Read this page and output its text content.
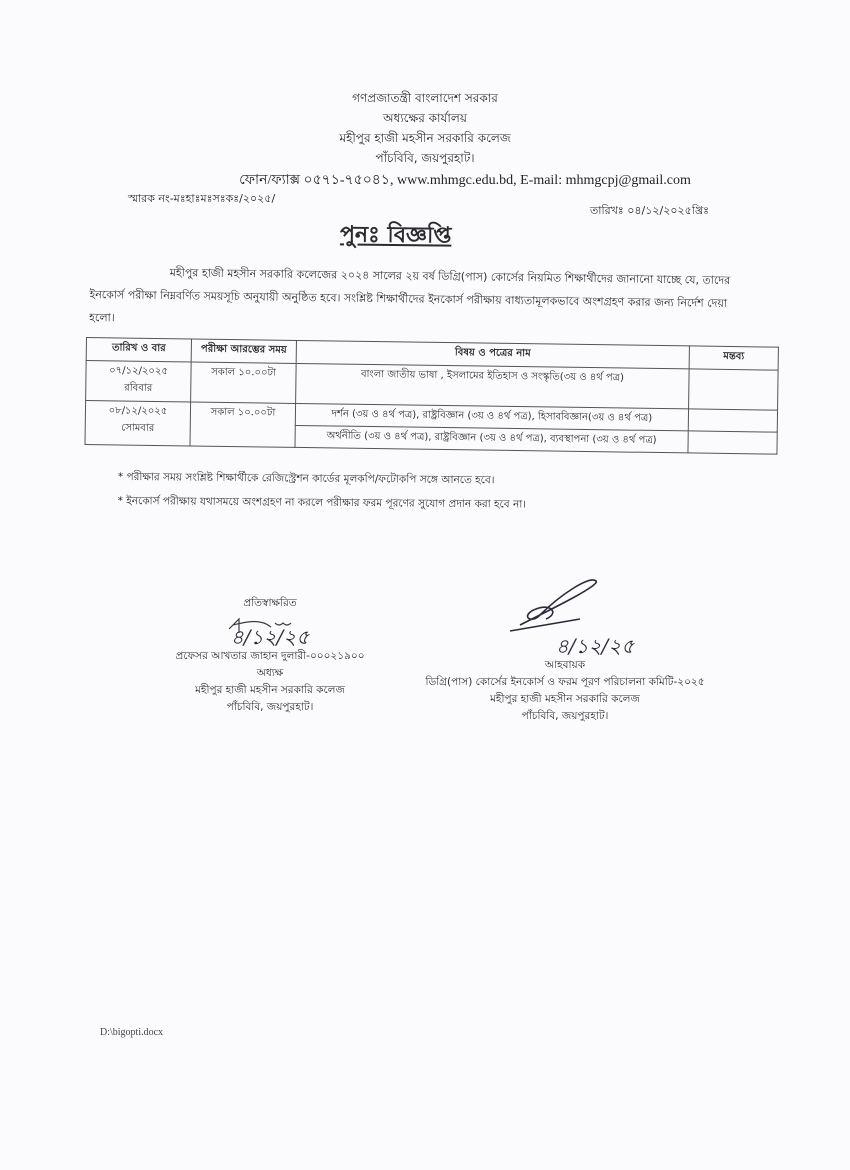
গণপ্রজাতন্ত্রী বাংলাদেশ সরকার
অধ্যক্ষের কার্যালয়
মহীপুর হাজী মহসীন সরকারি কলেজ
পাঁচবিবি, জয়পুরহাট।
ফোন/ফ্যাক্স ০৫৭১-৭৫০৪১, www.mhmgc.edu.bd, E-mail: mhmgcpj@gmail.com
স্মারক নং-মঃহাঃমঃসঃকঃ/২০২৫/
তারিখঃ ০৪/১২/২০২৫খ্রিঃ
পুনঃ বিজ্ঞপ্তি
মহীপুর হাজী মহসীন সরকারি কলেজের ২০২৪ সালের ২য় বর্ষ ডিগ্রি(পাস) কোর্সের নিয়মিত শিক্ষার্থীদের জানানো যাচ্ছে যে, তাদের ইনকোর্স পরীক্ষা নিম্নবর্ণিত সময়সূচি অনুযায়ী অনুষ্ঠিত হবে। সংশ্লিষ্ট শিক্ষার্থীদের ইনকোর্স পরীক্ষায় বাধ্যতামূলকভাবে অংশগ্রহণ করার জন্য নির্দেশ দেয়া হলো।
তারিখ ও বার	পরীক্ষা আরম্ভের সময়	বিষয় ও পত্রের নাম	মন্তব্য

০৭/১২/২০২৫
রবিবার	সকাল ১০.০০টা	বাংলা জাতীয় ভাষা , ইসলামের ইতিহাস ও সংস্কৃতি(৩য় ও ৪র্থ পত্র)	

০৮/১২/২০২৫
সোমবার	সকাল ১০.০০টা	দর্শন (৩য় ও ৪র্থ পত্র), রাষ্ট্রবিজ্ঞান (৩য় ও ৪র্থ পত্র), হিসাববিজ্ঞান(৩য় ও ৪র্থ পত্র)	
		অর্থনীতি (৩য় ও ৪র্থ পত্র), রাষ্ট্রবিজ্ঞান (৩য় ও ৪র্থ পত্র), ব্যবস্থাপনা (৩য় ও ৪র্থ পত্র)	
* পরীক্ষার সময় সংশ্লিষ্ট শিক্ষার্থীকে রেজিস্ট্রেশন কার্ডের মূলকপি/ফটোকপি সঙ্গে আনতে হবে।
* ইনকোর্স পরীক্ষায় যথাসময়ে অংশগ্রহণ না করলে পরীক্ষার ফরম পূরণের সুযোগ প্রদান করা হবে না।
প্রতিস্বাক্ষরিত
৪/১২/২৫
প্রফেসর আখতার জাহান দুলারী-০০০২১৯০০
অধ্যক্ষ
মহীপুর হাজী মহসীন সরকারি কলেজ
পাঁচবিবি, জয়পুরহাট।
৪/১২/২৫
আহবায়ক
ডিগ্রি(পাস) কোর্সের ইনকোর্স ও ফরম পূরণ পরিচালনা কমিটি-২০২৫
মহীপুর হাজী মহসীন সরকারি কলেজ
পাঁচবিবি, জয়পুরহাট।
D:\bigopti.docx
